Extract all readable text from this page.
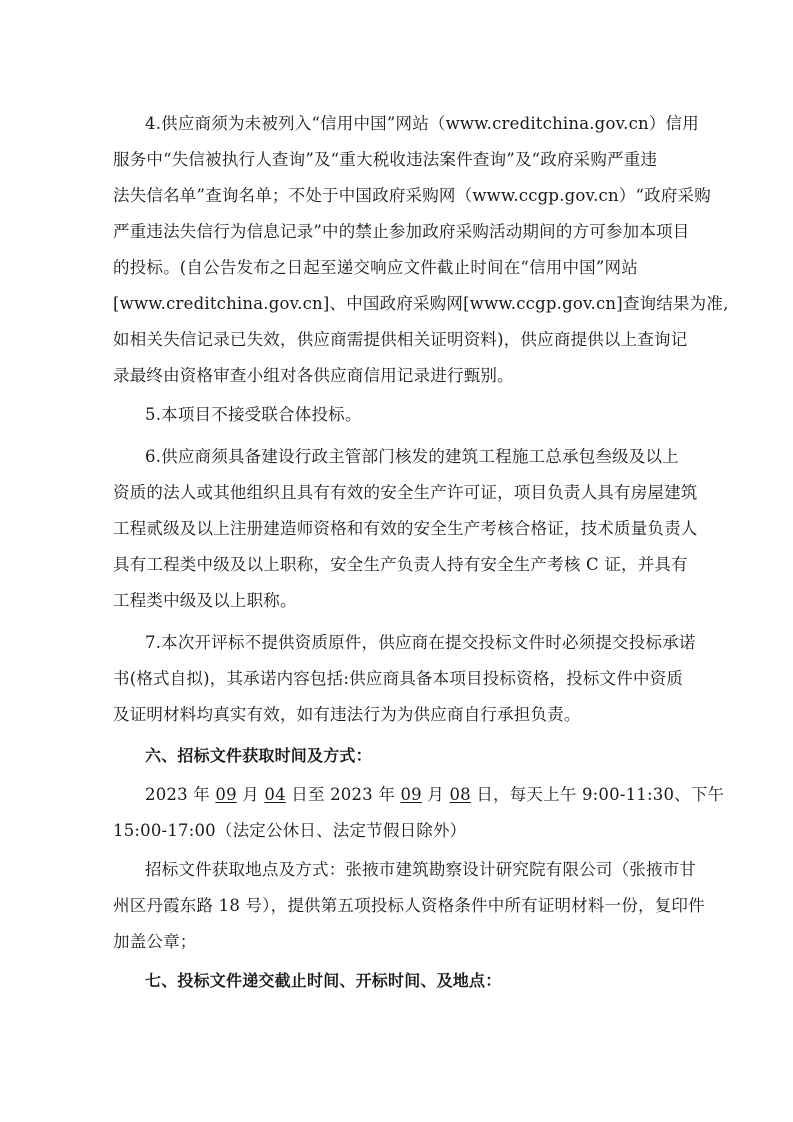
4.供应商须为未被列入“信用中国”网站（www.creditchina.gov.cn）信用
服务中“失信被执行人查询”及“重大税收违法案件查询”及“政府采购严重违
法失信名单”查询名单；不处于中国政府采购网（www.ccgp.gov.cn）“政府采购
严重违法失信行为信息记录”中的禁止参加政府采购活动期间的方可参加本项目
的投标。(自公告发布之日起至递交响应文件截止时间在“信用中国”网站
[www.creditchina.gov.cn]、中国政府采购网[www.ccgp.gov.cn]查询结果为准,
如相关失信记录已失效，供应商需提供相关证明资料)，供应商提供以上查询记
录最终由资格审查小组对各供应商信用记录进行甄别。
5.本项目不接受联合体投标。
6.供应商须具备建设行政主管部门核发的建筑工程施工总承包叁级及以上
资质的法人或其他组织且具有有效的安全生产许可证，项目负责人具有房屋建筑
工程贰级及以上注册建造师资格和有效的安全生产考核合格证，技术质量负责人
具有工程类中级及以上职称，安全生产负责人持有安全生产考核 C 证，并具有
工程类中级及以上职称。
7.本次开评标不提供资质原件，供应商在提交投标文件时必须提交投标承诺
书(格式自拟)，其承诺内容包括:供应商具备本项目投标资格，投标文件中资质
及证明材料均真实有效，如有违法行为为供应商自行承担负责。
六、招标文件获取时间及方式：
2023 年 09 月 04 日至 2023 年 09 月 08 日，每天上午 9:00-11:30、下午
15:00-17:00（法定公休日、法定节假日除外）
招标文件获取地点及方式：张掖市建筑勘察设计研究院有限公司（张掖市甘
州区丹霞东路 18 号），提供第五项投标人资格条件中所有证明材料一份，复印件
加盖公章；
七、投标文件递交截止时间、开标时间、及地点：
